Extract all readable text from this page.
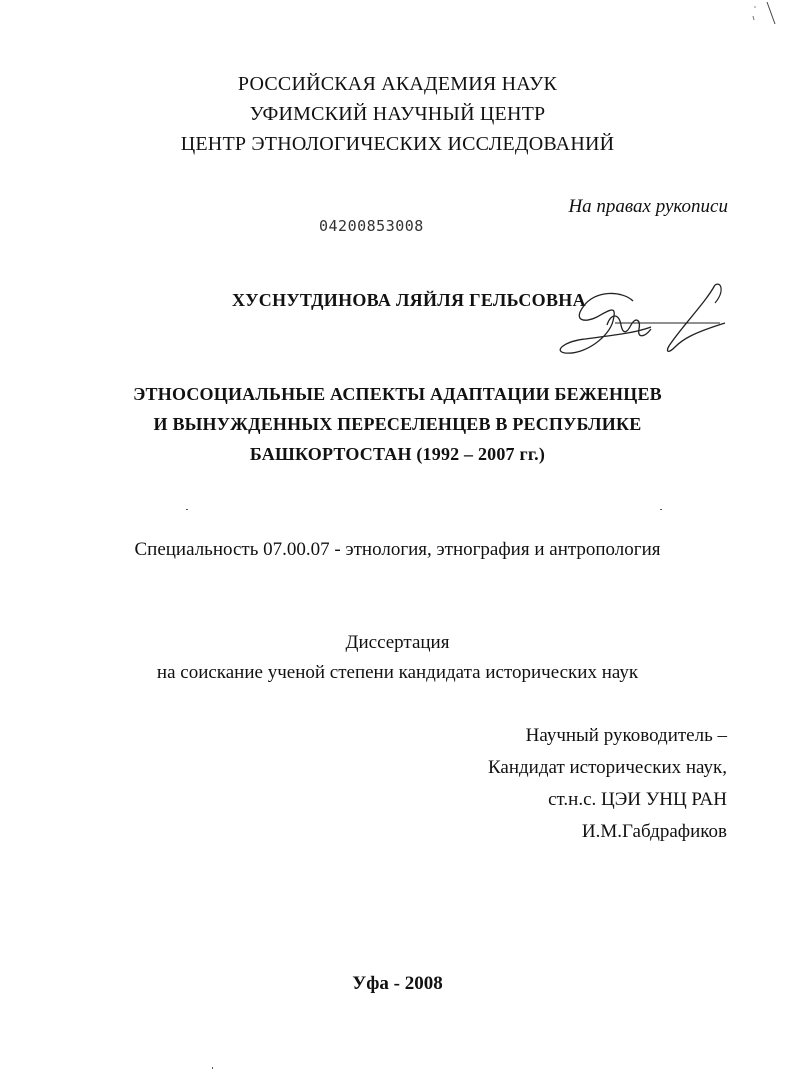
РОССИЙСКАЯ АКАДЕМИЯ НАУК
УФИМСКИЙ НАУЧНЫЙ ЦЕНТР
ЦЕНТР ЭТНОЛОГИЧЕСКИХ ИССЛЕДОВАНИЙ
На правах рукописи
04200853008
ХУСНУТДИНОВА ЛЯЙЛЯ ГЕЛЬСОВНА
ЭТНОСОЦИАЛЬНЫЕ АСПЕКТЫ АДАПТАЦИИ БЕЖЕНЦЕВ
И ВЫНУЖДЕННЫХ ПЕРЕСЕЛЕНЦЕВ В РЕСПУБЛИКЕ
БАШКОРТОСТАН (1992 – 2007 гг.)
Специальность 07.00.07 - этнология, этнография и антропология
Диссертация
на соискание ученой степени кандидата исторических наук
Научный руководитель –
Кандидат исторических наук,
ст.н.с. ЦЭИ УНЦ РАН
И.М.Габдрафиков
Уфа - 2008
